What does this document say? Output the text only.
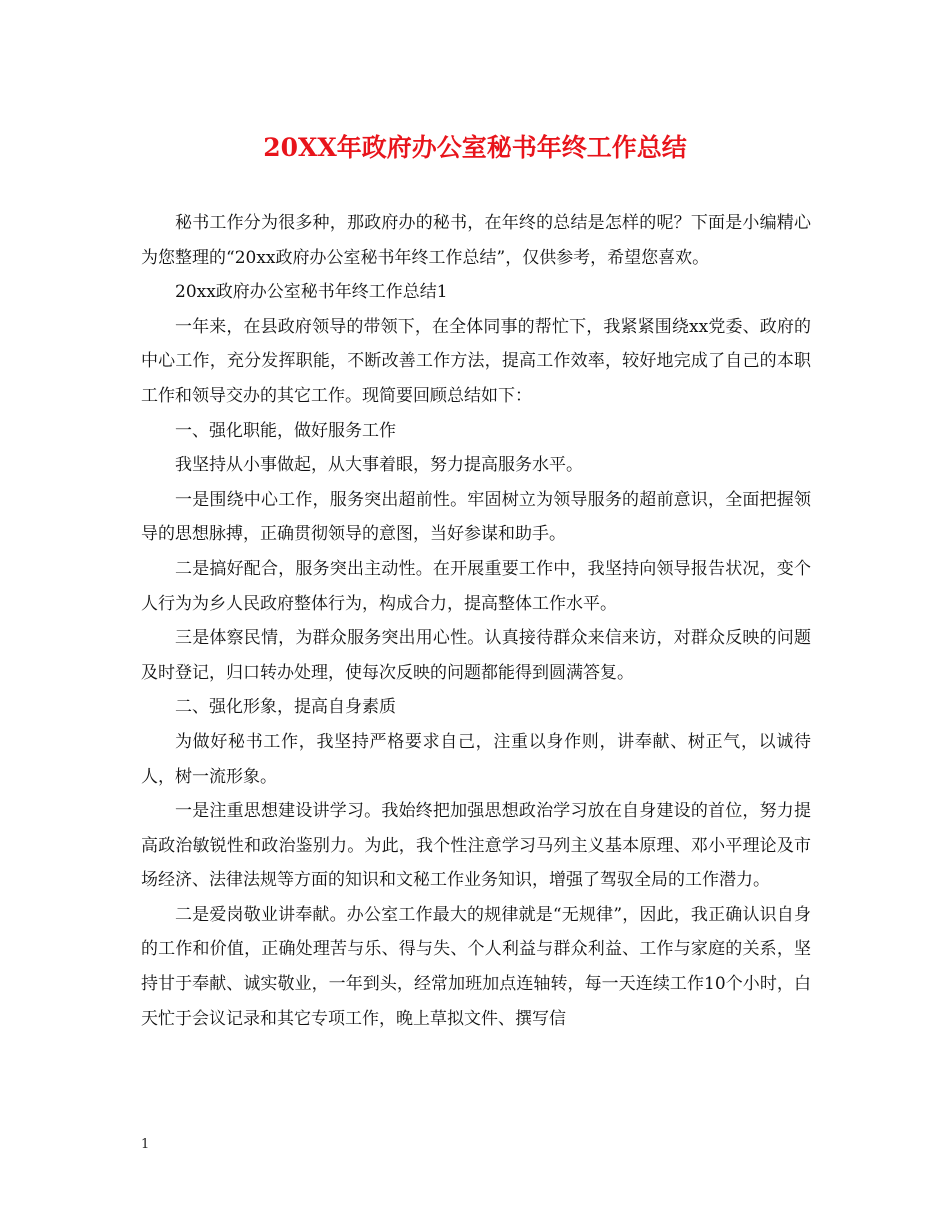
20XX年政府办公室秘书年终工作总结

秘书工作分为很多种，那政府办的秘书，在年终的总结是怎样的呢？下面是小编精心为您整理的“20xx政府办公室秘书年终工作总结”，仅供参考，希望您喜欢。

20xx政府办公室秘书年终工作总结1

一年来，在县政府领导的带领下，在全体同事的帮忙下，我紧紧围绕xx党委、政府的中心工作，充分发挥职能，不断改善工作方法，提高工作效率，较好地完成了自己的本职工作和领导交办的其它工作。现简要回顾总结如下：

一、强化职能，做好服务工作

我坚持从小事做起，从大事着眼，努力提高服务水平。

一是围绕中心工作，服务突出超前性。牢固树立为领导服务的超前意识，全面把握领导的思想脉搏，正确贯彻领导的意图，当好参谋和助手。

二是搞好配合，服务突出主动性。在开展重要工作中，我坚持向领导报告状况，变个人行为为乡人民政府整体行为，构成合力，提高整体工作水平。

三是体察民情，为群众服务突出用心性。认真接待群众来信来访，对群众反映的问题及时登记，归口转办处理，使每次反映的问题都能得到圆满答复。

二、强化形象，提高自身素质

为做好秘书工作，我坚持严格要求自己，注重以身作则，讲奉献、树正气，以诚待人，树一流形象。

一是注重思想建设讲学习。我始终把加强思想政治学习放在自身建设的首位，努力提高政治敏锐性和政治鉴别力。为此，我个性注意学习马列主义基本原理、邓小平理论及市场经济、法律法规等方面的知识和文秘工作业务知识，增强了驾驭全局的工作潜力。

二是爱岗敬业讲奉献。办公室工作最大的规律就是“无规律”，因此，我正确认识自身的工作和价值，正确处理苦与乐、得与失、个人利益与群众利益、工作与家庭的关系，坚持甘于奉献、诚实敬业，一年到头，经常加班加点连轴转，每一天连续工作10个小时，白天忙于会议记录和其它专项工作，晚上草拟文件、撰写信

1
